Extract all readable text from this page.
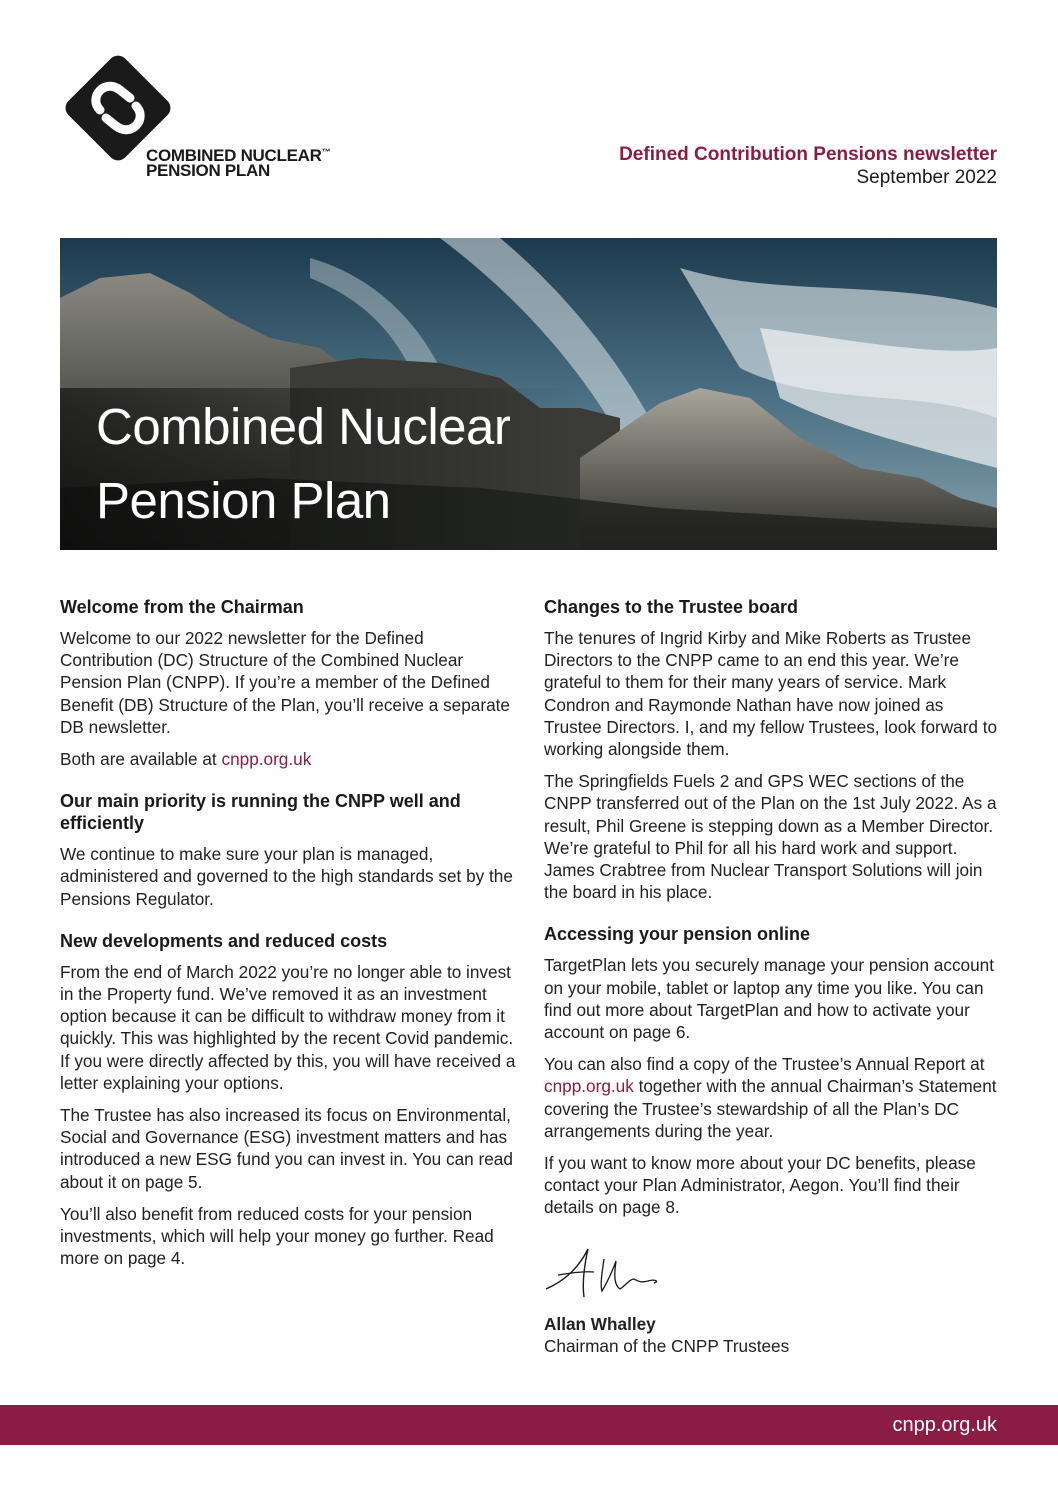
COMBINED NUCLEAR™
PENSION PLAN
Defined Contribution Pensions newsletter
September 2022
Combined Nuclear
Pension Plan
Welcome from the Chairman

Welcome to our 2022 newsletter for the Defined Contribution (DC) Structure of the Combined Nuclear Pension Plan (CNPP). If you’re a member of the Defined Benefit (DB) Structure of the Plan, you’ll receive a separate DB newsletter.

Both are available at cnpp.org.uk

Our main priority is running the CNPP well and efficiently

We continue to make sure your plan is managed, administered and governed to the high standards set by the Pensions Regulator.

New developments and reduced costs

From the end of March 2022 you’re no longer able to invest in the Property fund. We’ve removed it as an investment option because it can be difficult to withdraw money from it quickly. This was highlighted by the recent Covid pandemic. If you were directly affected by this, you will have received a letter explaining your options.

The Trustee has also increased its focus on Environmental, Social and Governance (ESG) investment matters and has introduced a new ESG fund you can invest in. You can read about it on page 5.

You’ll also benefit from reduced costs for your pension investments, which will help your money go further. Read more on page 4.

Changes to the Trustee board

The tenures of Ingrid Kirby and Mike Roberts as Trustee Directors to the CNPP came to an end this year. We’re grateful to them for their many years of service. Mark Condron and Raymonde Nathan have now joined as Trustee Directors. I, and my fellow Trustees, look forward to working alongside them.

The Springfields Fuels 2 and GPS WEC sections of the CNPP transferred out of the Plan on the 1st July 2022. As a result, Phil Greene is stepping down as a Member Director. We’re grateful to Phil for all his hard work and support. James Crabtree from Nuclear Transport Solutions will join the board in his place.

Accessing your pension online

TargetPlan lets you securely manage your pension account on your mobile, tablet or laptop any time you like. You can find out more about TargetPlan and how to activate your account on page 6.

You can also find a copy of the Trustee’s Annual Report at cnpp.org.uk together with the annual Chairman’s Statement covering the Trustee’s stewardship of all the Plan’s DC arrangements during the year.

If you want to know more about your DC benefits, please contact your Plan Administrator, Aegon. You’ll find their details on page 8.

Allan Whalley

Chairman of the CNPP Trustees

cnpp.org.uk
